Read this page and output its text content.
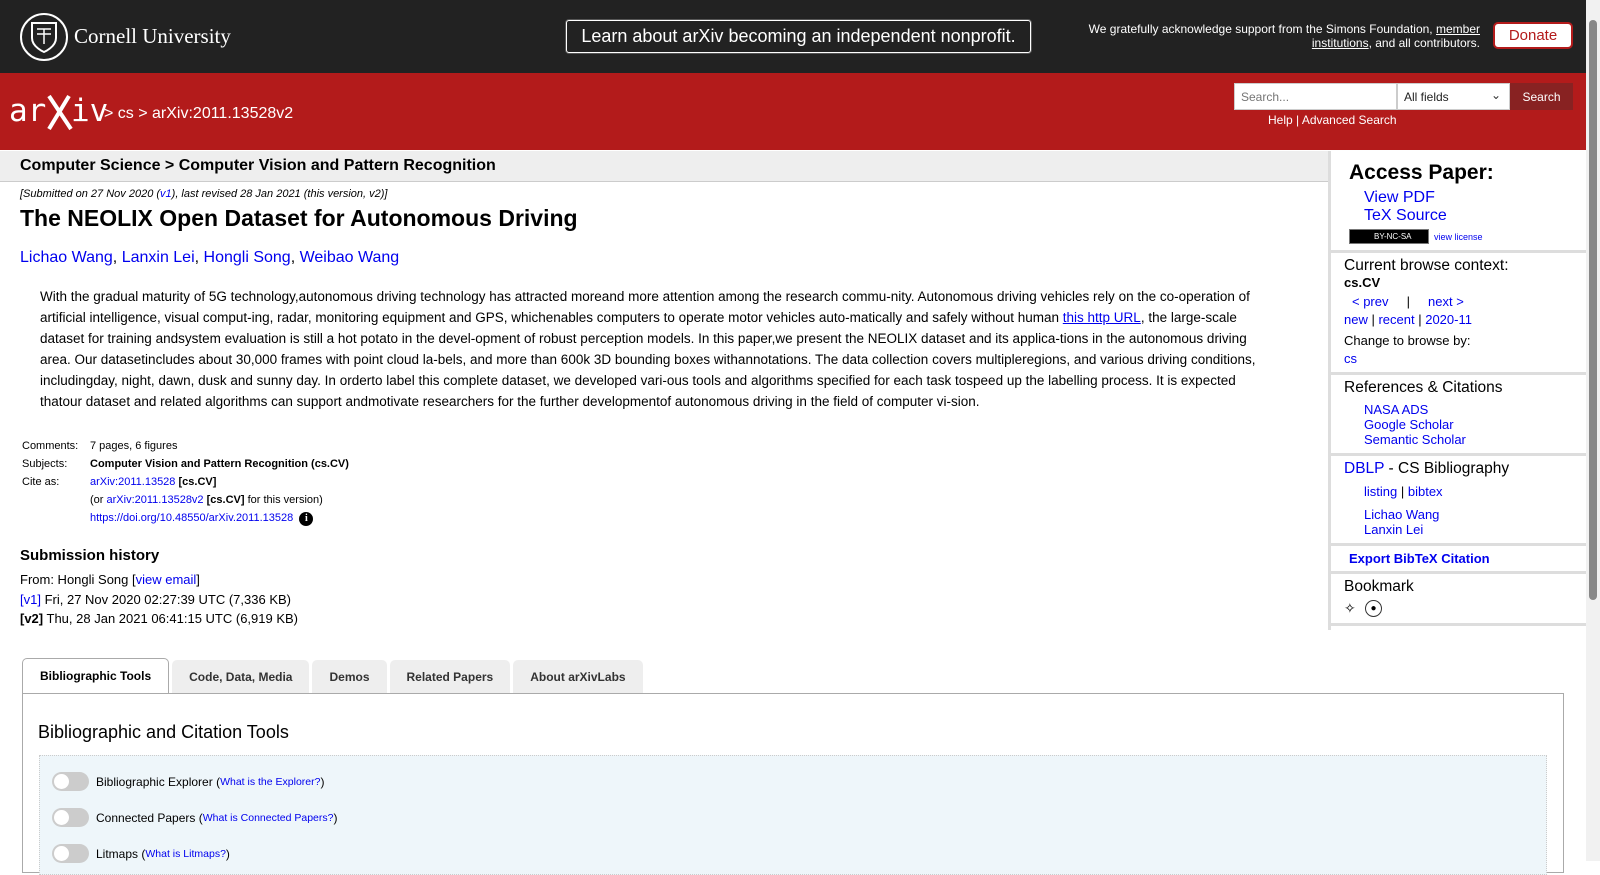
Cornell University	Learn about arXiv becoming an independent nonprofit.	We gratefully acknowledge support from the Simons Foundation, member institutions, and all contributors.	Donate
ar iv
> cs > arXiv:2011.13528v2
Search...
All fields	⌄	Search
Help | Advanced Search
Computer Science > Computer Vision and Pattern Recognition
[Submitted on 27 Nov 2020 (v1), last revised 28 Jan 2021 (this version, v2)]
The NEOLIX Open Dataset for Autonomous Driving
Lichao Wang, Lanxin Lei, Hongli Song, Weibao Wang
With the gradual maturity of 5G technology,autonomous driving technology has attracted moreand more attention among the research commu-nity. Autonomous driving vehicles rely on the co-operation of artificial intelligence, visual comput-ing, radar, monitoring equipment and GPS, whichenables computers to operate motor vehicles auto-matically and safely without human this http URL, the large-scale dataset for training andsystem evaluation is still a hot potato in the devel-opment of robust perception models. In this paper,we present the NEOLIX dataset and its applica-tions in the autonomous driving area. Our datasetincludes about 30,000 frames with point cloud la-bels, and more than 600k 3D bounding boxes withannotations. The data collection covers multipleregions, and various driving conditions, includingday, night, dawn, dusk and sunny day. In orderto label this complete dataset, we developed vari-ous tools and algorithms specified for each task tospeed up the labelling process. It is expected thatour dataset and related algorithms can support andmotivate researchers for the further developmentof autonomous driving in the field of computer vi-sion.
Comments:	7 pages, 6 figures
Subjects:	Computer Vision and Pattern Recognition (cs.CV)
Cite as:	arXiv:2011.13528 [cs.CV]
	(or arXiv:2011.13528v2 [cs.CV] for this version)
	https://doi.org/10.48550/arXiv.2011.13528 i
Submission history
From: Hongli Song [view email]
[v1] Fri, 27 Nov 2020 02:27:39 UTC (7,336 KB)
[v2] Thu, 28 Jan 2021 06:41:15 UTC (6,919 KB)
Access Paper:
View PDF
TeX Source
BY-NC-SA	view license
Current browse context:
cs.CV
< prev | next >
new | recent | 2020-11
Change to browse by:
cs
References & Citations
NASA ADS
Google Scholar
Semantic Scholar
DBLP - CS Bibliography
listing | bibtex
Lichao Wang
Lanxin Lei
Export BibTeX Citation
Bookmark
✧	●
Bibliographic Tools	Code, Data, Media	Demos	Related Papers	About arXivLabs
Bibliographic and Citation Tools
Bibliographic Explorer ( What is the Explorer? )
Connected Papers ( What is Connected Papers? )
Litmaps ( What is Litmaps? )
